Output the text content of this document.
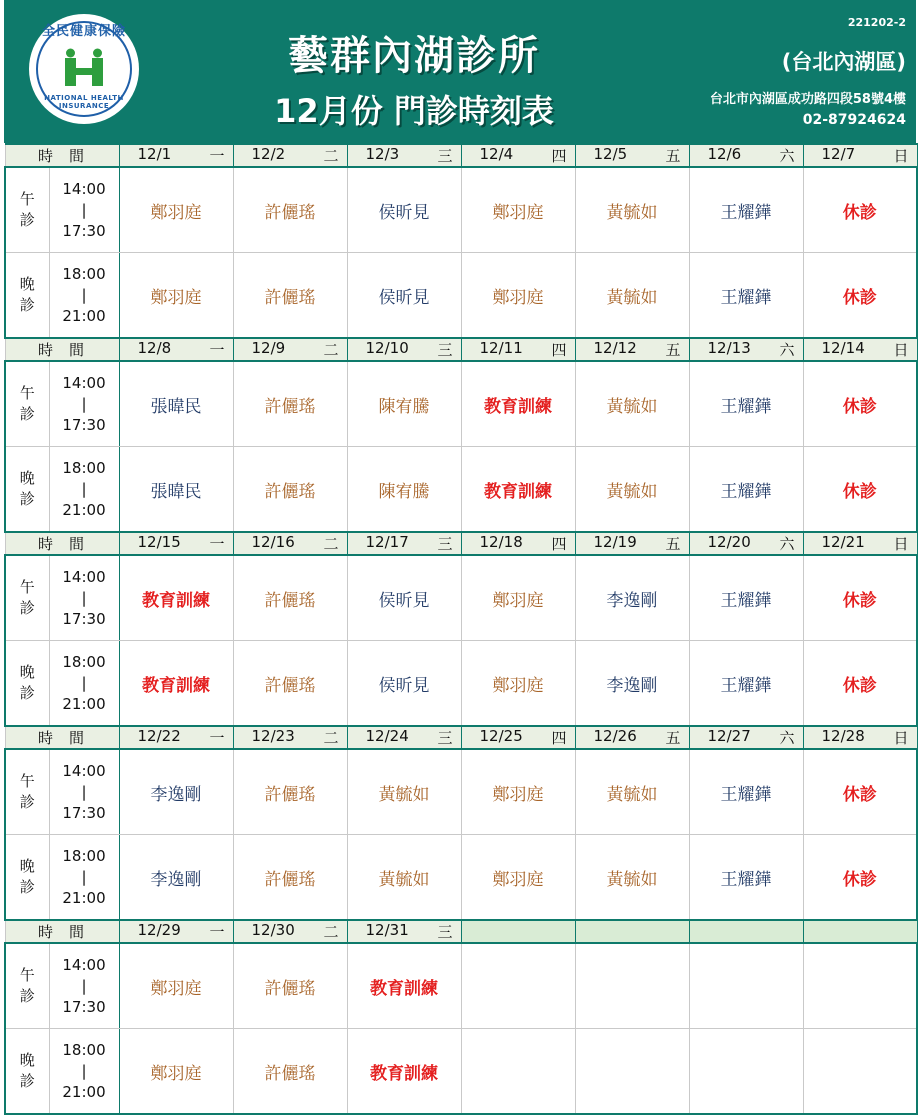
全民健康保險
NATIONAL HEALTH INSURANCE
藝群內湖診所
12月份 門診時刻表
221202-2
(台北內湖區)
台北市內湖區成功路四段58號4樓
02-87924624
時間		12/1 一	12/2 二	12/3 三	12/4 四	12/5 五	12/6 六	12/7 日

午
診	14:00
|
17:30	鄭羽庭	許儷瑤	侯昕見	鄭羽庭	黃毓如	王耀鏵	休診

晚
診	18:00
|
21:00	鄭羽庭	許儷瑤	侯昕見	鄭羽庭	黃毓如	王耀鏵	休診
時間		12/8 一	12/9 二	12/10 三	12/11 四	12/12 五	12/13 六	12/14 日

午
診	14:00
|
17:30	張暐民	許儷瑤	陳宥騰	教育訓練	黃毓如	王耀鏵	休診

晚
診	18:00
|
21:00	張暐民	許儷瑤	陳宥騰	教育訓練	黃毓如	王耀鏵	休診
時間		12/15 一	12/16 二	12/17 三	12/18 四	12/19 五	12/20 六	12/21 日

午
診	14:00
|
17:30	教育訓練	許儷瑤	侯昕見	鄭羽庭	李逸剛	王耀鏵	休診

晚
診	18:00
|
21:00	教育訓練	許儷瑤	侯昕見	鄭羽庭	李逸剛	王耀鏵	休診
時間		12/22 一	12/23 二	12/24 三	12/25 四	12/26 五	12/27 六	12/28 日

午
診	14:00
|
17:30	李逸剛	許儷瑤	黃毓如	鄭羽庭	黃毓如	王耀鏵	休診

晚
診	18:00
|
21:00	李逸剛	許儷瑤	黃毓如	鄭羽庭	黃毓如	王耀鏵	休診
時間		12/29 一	12/30 二	12/31 三				

午
診	14:00
|
17:30	鄭羽庭	許儷瑤	教育訓練				

晚
診	18:00
|
21:00	鄭羽庭	許儷瑤	教育訓練				
